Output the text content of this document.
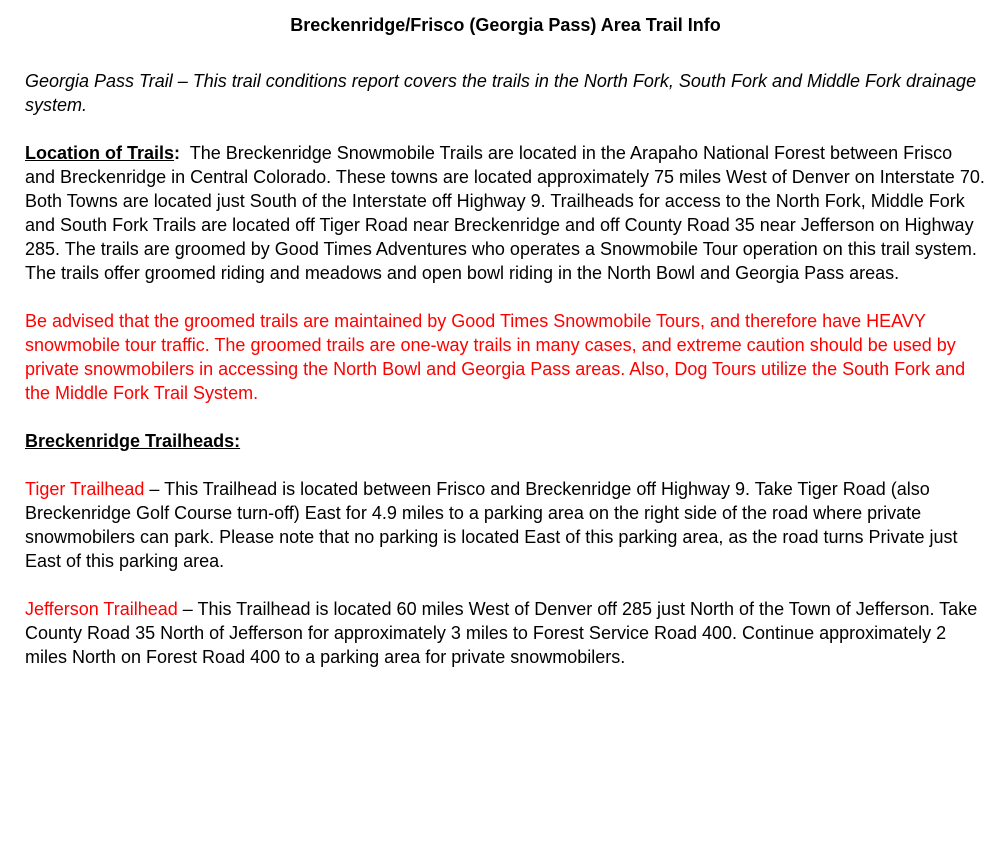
Breckenridge/Frisco (Georgia Pass) Area Trail Info

Georgia Pass Trail – This trail conditions report covers the trails in the North Fork, South Fork and Middle Fork drainage system.

Location of Trails:  The Breckenridge Snowmobile Trails are located in the Arapaho National Forest between Frisco and Breckenridge in Central Colorado. These towns are located approximately 75 miles West of Denver on Interstate 70. Both Towns are located just South of the Interstate off Highway 9. Trailheads for access to the North Fork, Middle Fork and South Fork Trails are located off Tiger Road near Breckenridge and off County Road 35 near Jefferson on Highway 285. The trails are groomed by Good Times Adventures who operates a Snowmobile Tour operation on this trail system. The trails offer groomed riding and meadows and open bowl riding in the North Bowl and Georgia Pass areas.

Be advised that the groomed trails are maintained by Good Times Snowmobile Tours, and therefore have HEAVY snowmobile tour traffic. The groomed trails are one-way trails in many cases, and extreme caution should be used by private snowmobilers in accessing the North Bowl and Georgia Pass areas. Also, Dog Tours utilize the South Fork and the Middle Fork Trail System.

Breckenridge Trailheads:

Tiger Trailhead – This Trailhead is located between Frisco and Breckenridge off Highway 9. Take Tiger Road (also Breckenridge Golf Course turn-off) East for 4.9 miles to a parking area on the right side of the road where private snowmobilers can park. Please note that no parking is located East of this parking area, as the road turns Private just East of this parking area.

Jefferson Trailhead – This Trailhead is located 60 miles West of Denver off 285 just North of the Town of Jefferson. Take County Road 35 North of Jefferson for approximately 3 miles to Forest Service Road 400. Continue approximately 2 miles North on Forest Road 400 to a parking area for private snowmobilers.
